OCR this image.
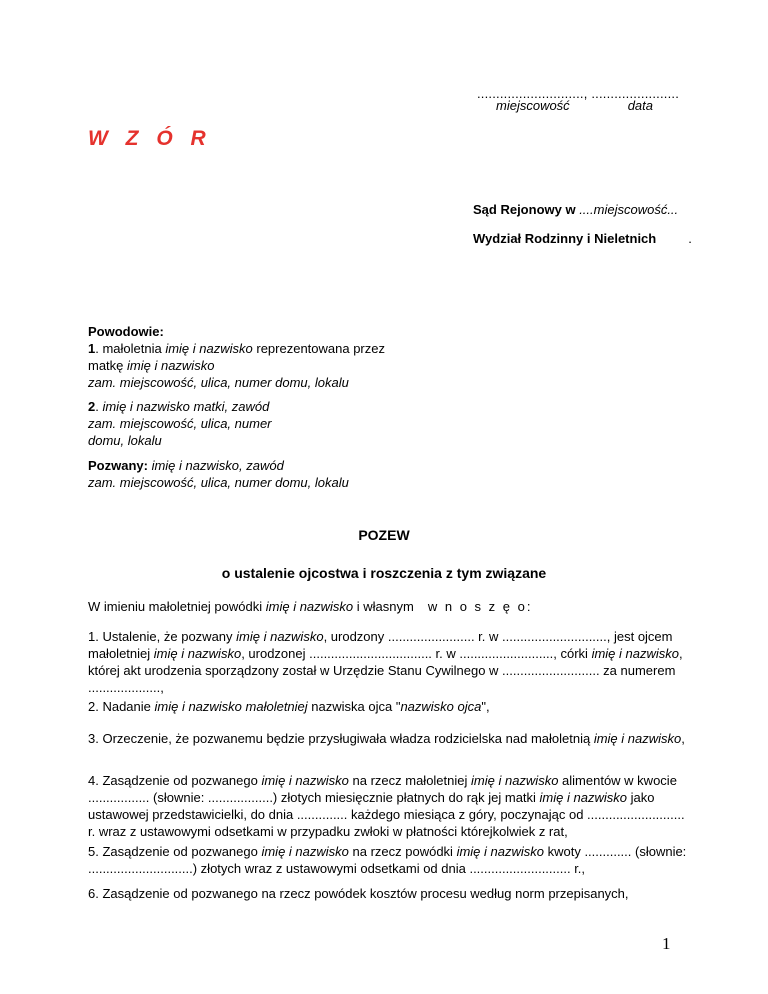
............................, .......................
miejscowość	data
W Z Ó R
Sąd Rejonowy w ....miejscowość...
Wydział Rodzinny i Nieletnich .
Powodowie:
1. małoletnia imię i nazwisko reprezentowana przez matkę imię i nazwisko
zam. miejscowość, ulica, numer domu, lokalu
2. imię i nazwisko matki, zawód
zam. miejscowość, ulica, numer domu, lokalu
Pozwany: imię i nazwisko, zawód
zam. miejscowość, ulica, numer domu, lokalu
POZEW
o ustalenie ojcostwa i roszczenia z tym związane
W imieniu małoletniej powódki imię i nazwisko i własnym w n o s z ę o:
1. Ustalenie, że pozwany imię i nazwisko, urodzony ........................ r. w ............................., jest ojcem małoletniej imię i nazwisko, urodzonej .................................. r. w .........................., córki imię i nazwisko, której akt urodzenia sporządzony został w Urzędzie Stanu Cywilnego w ........................... za numerem ....................,
2. Nadanie imię i nazwisko małoletniej nazwiska ojca "nazwisko ojca",
3. Orzeczenie, że pozwanemu będzie przysługiwała władza rodzicielska nad małoletnią imię i nazwisko,
4. Zasądzenie od pozwanego imię i nazwisko na rzecz małoletniej imię i nazwisko alimentów w kwocie ................. (słownie: ..................) złotych miesięcznie płatnych do rąk jej matki imię i nazwisko jako ustawowej przedstawicielki, do dnia .............. każdego miesiąca z góry, poczynając od ........................... r. wraz z ustawowymi odsetkami w przypadku zwłoki w płatności którejkolwiek z rat,
5. Zasądzenie od pozwanego imię i nazwisko na rzecz powódki imię i nazwisko kwoty ............. (słownie: .............................) złotych wraz z ustawowymi odsetkami od dnia ............................ r.,
6. Zasądzenie od pozwanego na rzecz powódek kosztów procesu według norm przepisanych,
1
